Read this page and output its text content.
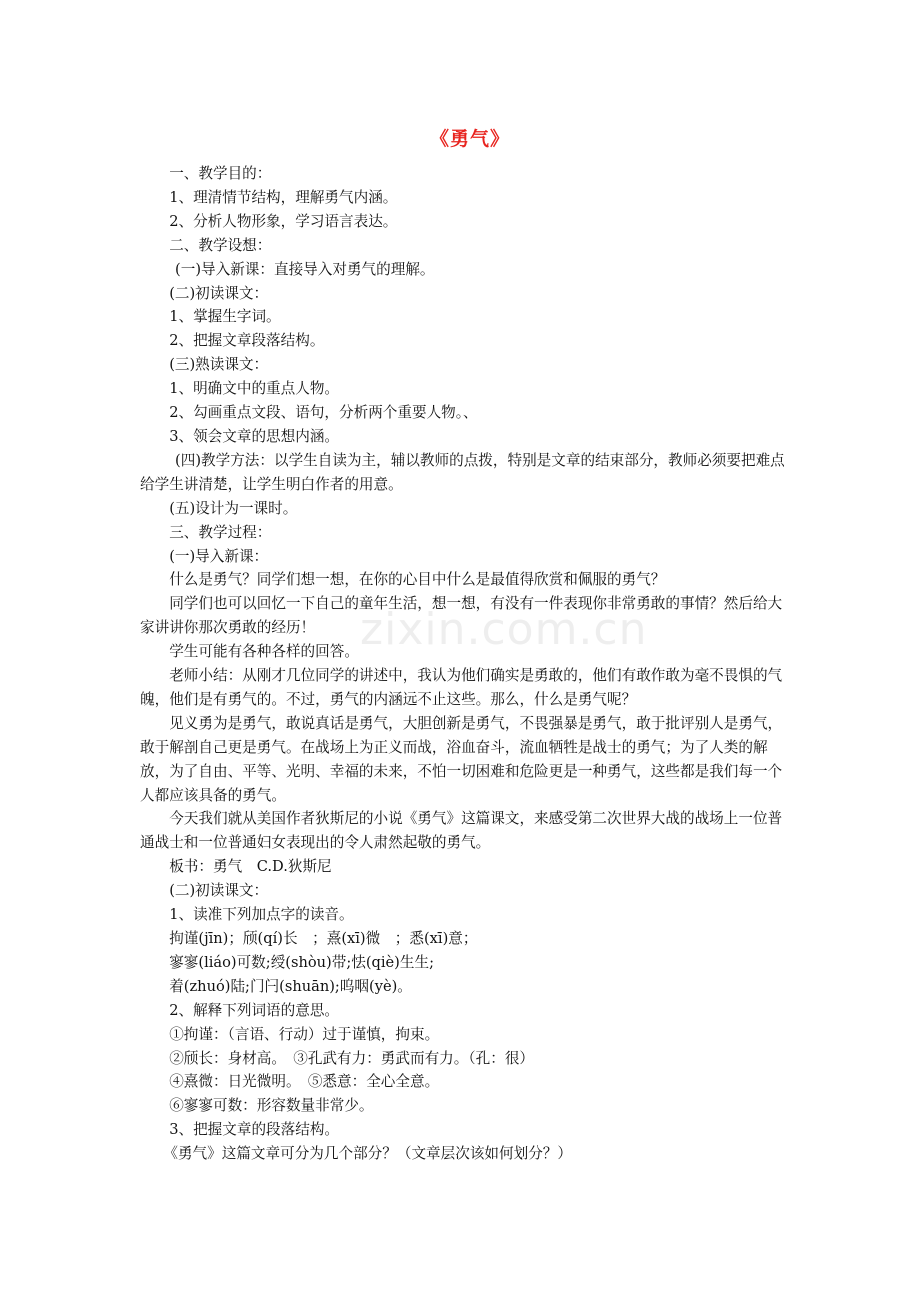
《勇气》

一、教学目的：

1、理清情节结构，理解勇气内涵。

2、分析人物形象，学习语言表达。

二、教学设想：

(一)导入新课：直接导入对勇气的理解。

(二)初读课文：

1、掌握生字词。

2、把握文章段落结构。

(三)熟读课文：

1、明确文中的重点人物。

2、勾画重点文段、语句，分析两个重要人物。、

3、领会文章的思想内涵。

(四)教学方法：以学生自读为主，辅以教师的点拨，特别是文章的结束部分，教师必须要把难点给学生讲清楚，让学生明白作者的用意。

(五)设计为一课时。

三、教学过程：

(一)导入新课：

什么是勇气？同学们想一想，在你的心目中什么是最值得欣赏和佩服的勇气？

同学们也可以回忆一下自己的童年生活，想一想，有没有一件表现你非常勇敢的事情？然后给大家讲讲你那次勇敢的经历！

学生可能有各种各样的回答。

老师小结：从刚才几位同学的讲述中，我认为他们确实是勇敢的，他们有敢作敢为毫不畏惧的气魄，他们是有勇气的。不过，勇气的内涵远不止这些。那么，什么是勇气呢？

见义勇为是勇气，敢说真话是勇气，大胆创新是勇气，不畏强暴是勇气，敢于批评别人是勇气，敢于解剖自己更是勇气。在战场上为正义而战，浴血奋斗，流血牺牲是战士的勇气；为了人类的解放，为了自由、平等、光明、幸福的未来，不怕一切困难和危险更是一种勇气，这些都是我们每一个人都应该具备的勇气。

今天我们就从美国作者狄斯尼的小说《勇气》这篇课文，来感受第二次世界大战的战场上一位普通战士和一位普通妇女表现出的令人肃然起敬的勇气。

板书：勇气　C.D.狄斯尼

(二)初读课文：

1、读准下列加点字的读音。

拘谨(jīn)；颀(qí)长　；熹(xī)微　；悉(xī)意；

寥寥(liáo)可数;绶(shòu)带;怯(qiè)生生;

着(zhuó)陆;门闩(shuān);呜咽(yè)。

2、解释下列词语的意思。

①拘谨：（言语、行动）过于谨慎，拘束。

②颀长：身材高。　③孔武有力：勇武而有力。（孔：很）

④熹微：日光微明。　⑤悉意：全心全意。

⑥寥寥可数：形容数量非常少。

3、把握文章的段落结构。

《勇气》这篇文章可分为几个部分？（文章层次该如何划分？）

zixin.com.cn
